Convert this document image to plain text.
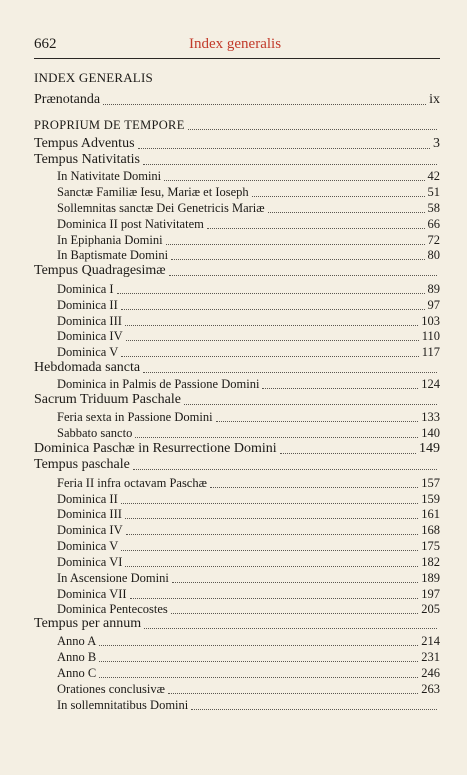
662	Index generalis
INDEX GENERALIS
Prænotanda	ix
PROPRIUM DE TEMPORE
Tempus Adventus	3
Tempus Nativitatis
In Nativitate Domini	42
Sanctæ Familiæ Iesu, Mariæ et Ioseph	51
Sollemnitas sanctæ Dei Genetricis Mariæ	58
Dominica II post Nativitatem	66
In Epiphania Domini	72
In Baptismate Domini	80
Tempus Quadragesimæ
Dominica I	89
Dominica II	97
Dominica III	103
Dominica IV	110
Dominica V	117
Hebdomada sancta
Dominica in Palmis de Passione Domini	124
Sacrum Triduum Paschale
Feria sexta in Passione Domini	133
Sabbato sancto	140
Dominica Paschæ in Resurrectione Domini	149
Tempus paschale
Feria II infra octavam Paschæ	157
Dominica II	159
Dominica III	161
Dominica IV	168
Dominica V	175
Dominica VI	182
In Ascensione Domini	189
Dominica VII	197
Dominica Pentecostes	205
Tempus per annum
Anno A	214
Anno B	231
Anno C	246
Orationes conclusivæ	263
In sollemnitatibus Domini
